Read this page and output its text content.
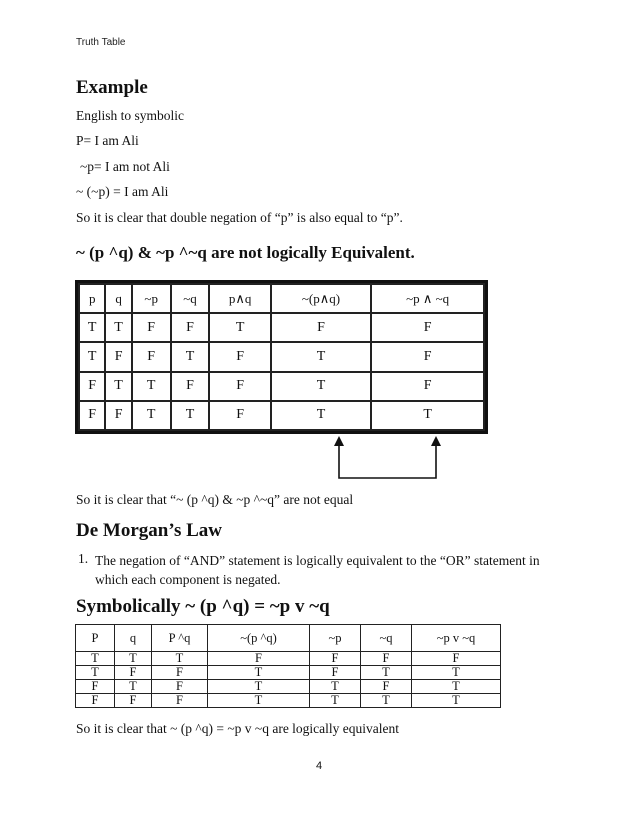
Truth Table
Example
English to symbolic
P= I am Ali
~p= I am not Ali
~ (~p) = I am Ali
So it is clear that double negation of “p” is also equal to “p”.
~ (p ^q) & ~p ^~q are not logically Equivalent.
p	q	~p	~q	p∧q	~(p∧q)	~p ∧ ~q
T	T	F	F	T	F	F
T	F	F	T	F	T	F
F	T	T	F	F	T	F
F	F	T	T	F	T	T
So it is clear that “~ (p ^q) & ~p ^~q” are not equal
De Morgan’s Law
1. The negation of “AND” statement is logically equivalent to the “OR” statement in which each component is negated.
Symbolically ~ (p ^q) = ~p v ~q
P	q	P ^q	~(p ^q)	~p	~q	~p v ~q
T	T	T	F	F	F	F
T	F	F	T	F	T	T
F	T	F	T	T	F	T
F	F	F	T	T	T	T
So it is clear that ~ (p ^q) = ~p v ~q are logically equivalent
4
